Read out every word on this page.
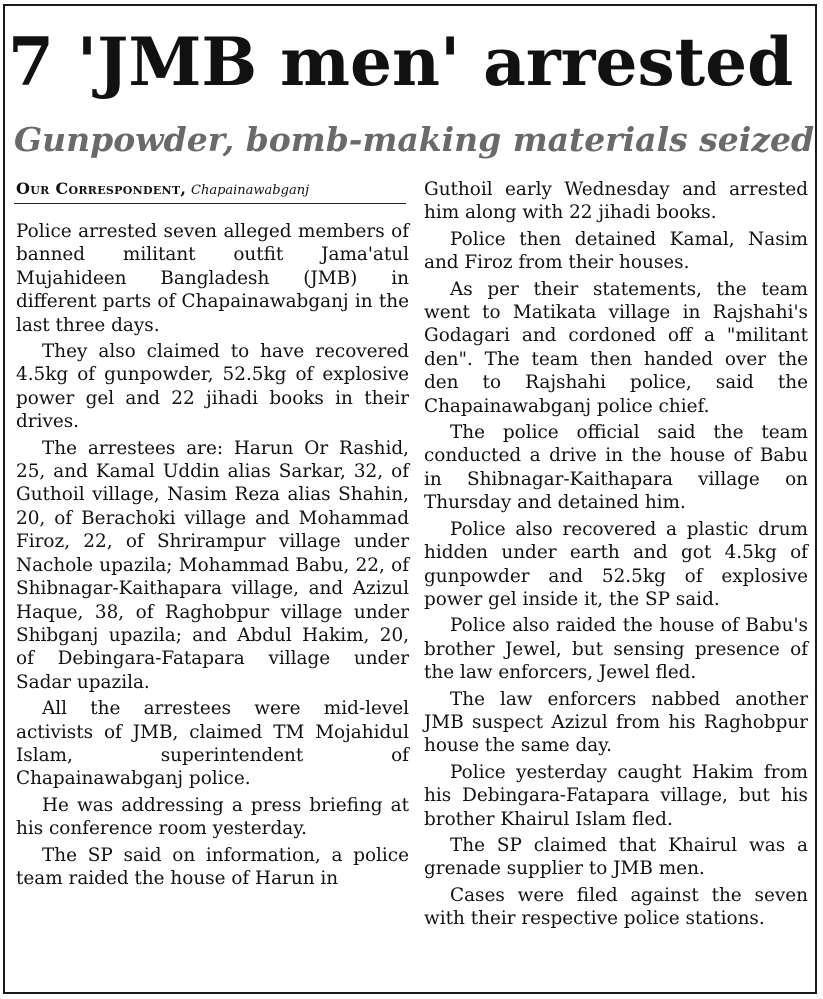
7 'JMB men' arrested
Gunpowder, bomb-making materials seized
Our Correspondent, Chapainawabganj

Police arrested seven alleged members of banned militant outfit Jama'atul Mujahideen Bangladesh (JMB) in different parts of Chapainawabganj in the last three days.

They also claimed to have recovered 4.5kg of gunpowder, 52.5kg of explosive power gel and 22 jihadi books in their drives.

The arrestees are: Harun Or Rashid, 25, and Kamal Uddin alias Sarkar, 32, of Guthoil village, Nasim Reza alias Shahin, 20, of Berachoki village and Mohammad Firoz, 22, of Shrirampur village under Nachole upazila; Mohammad Babu, 22, of Shibnagar-Kaithapara village, and Azizul Haque, 38, of Raghobpur village under Shibganj upazila; and Abdul Hakim, 20, of Debingara-Fatapara village under Sadar upazila.

All the arrestees were mid-level activists of JMB, claimed TM Mojahidul Islam, superintendent of Chapainawabganj police.

He was addressing a press briefing at his conference room yesterday.

The SP said on information, a police team raided the house of Harun in

Guthoil early Wednesday and arrested him along with 22 jihadi books.

Police then detained Kamal, Nasim and Firoz from their houses.

As per their statements, the team went to Matikata village in Rajshahi's Godagari and cordoned off a "militant den". The team then handed over the den to Rajshahi police, said the Chapainawabganj police chief.

The police official said the team conducted a drive in the house of Babu in Shibnagar-Kaithapara village on Thursday and detained him.

Police also recovered a plastic drum hidden under earth and got 4.5kg of gunpowder and 52.5kg of explosive power gel inside it, the SP said.

Police also raided the house of Babu's brother Jewel, but sensing presence of the law enforcers, Jewel fled.

The law enforcers nabbed another JMB suspect Azizul from his Raghobpur house the same day.

Police yesterday caught Hakim from his Debingara-Fatapara village, but his brother Khairul Islam fled.

The SP claimed that Khairul was a grenade supplier to JMB men.

Cases were filed against the seven with their respective police stations.
